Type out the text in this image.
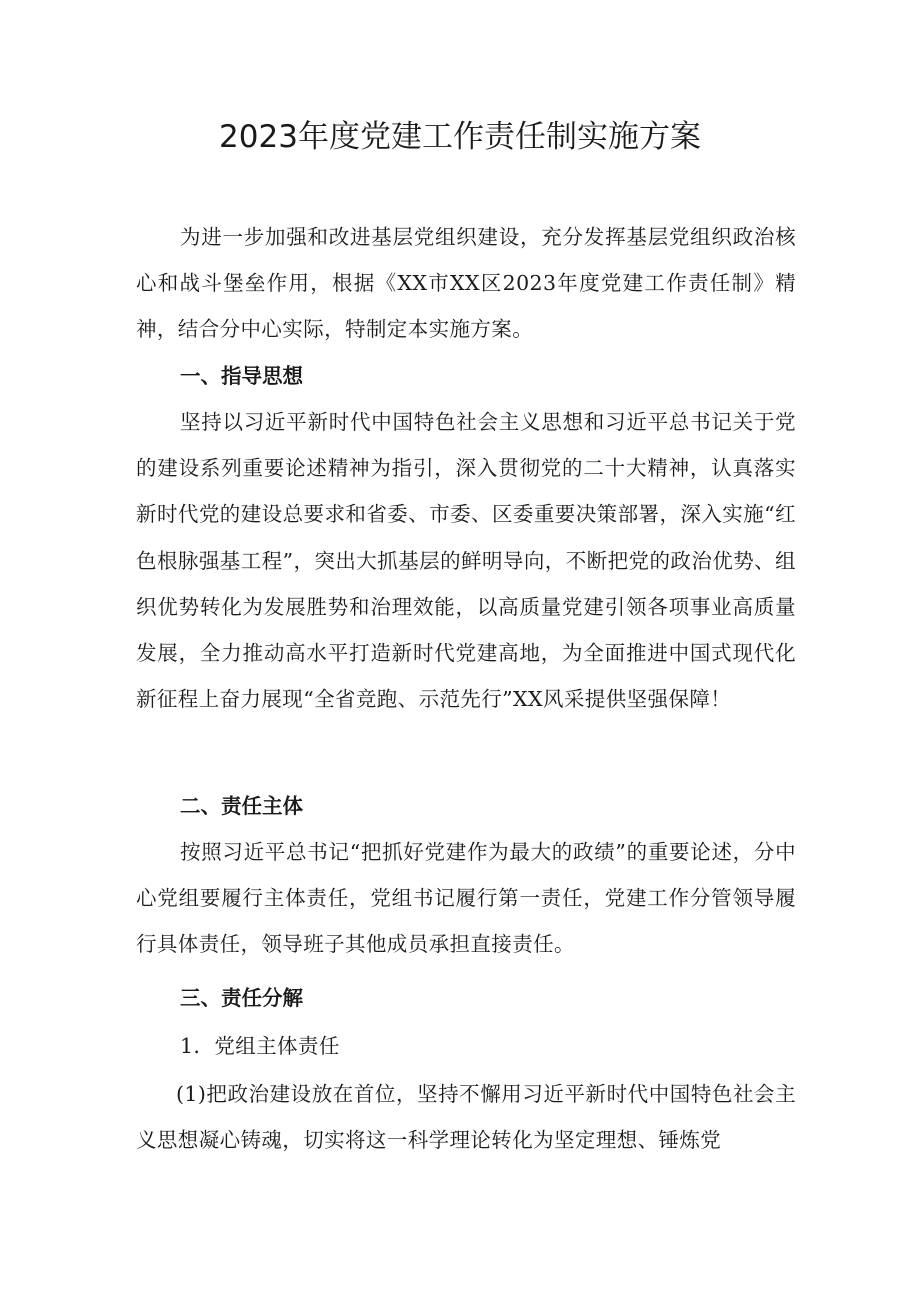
2023年度党建工作责任制实施方案

为进一步加强和改进基层党组织建设，充分发挥基层党组织政治核心和战斗堡垒作用，根据《XX市XX区2023年度党建工作责任制》精神，结合分中心实际，特制定本实施方案。

一、指导思想

坚持以习近平新时代中国特色社会主义思想和习近平总书记关于党的建设系列重要论述精神为指引，深入贯彻党的二十大精神，认真落实新时代党的建设总要求和省委、市委、区委重要决策部署，深入实施“红色根脉强基工程”，突出大抓基层的鲜明导向，不断把党的政治优势、组织优势转化为发展胜势和治理效能，以高质量党建引领各项事业高质量发展，全力推动高水平打造新时代党建高地，为全面推进中国式现代化新征程上奋力展现“全省竞跑、示范先行”XX风采提供坚强保障！

二、责任主体

按照习近平总书记“把抓好党建作为最大的政绩”的重要论述，分中心党组要履行主体责任，党组书记履行第一责任，党建工作分管领导履行具体责任，领导班子其他成员承担直接责任。

三、责任分解

1．党组主体责任

(1)把政治建设放在首位，坚持不懈用习近平新时代中国特色社会主义思想凝心铸魂，切实将这一科学理论转化为坚定理想、锤炼党
